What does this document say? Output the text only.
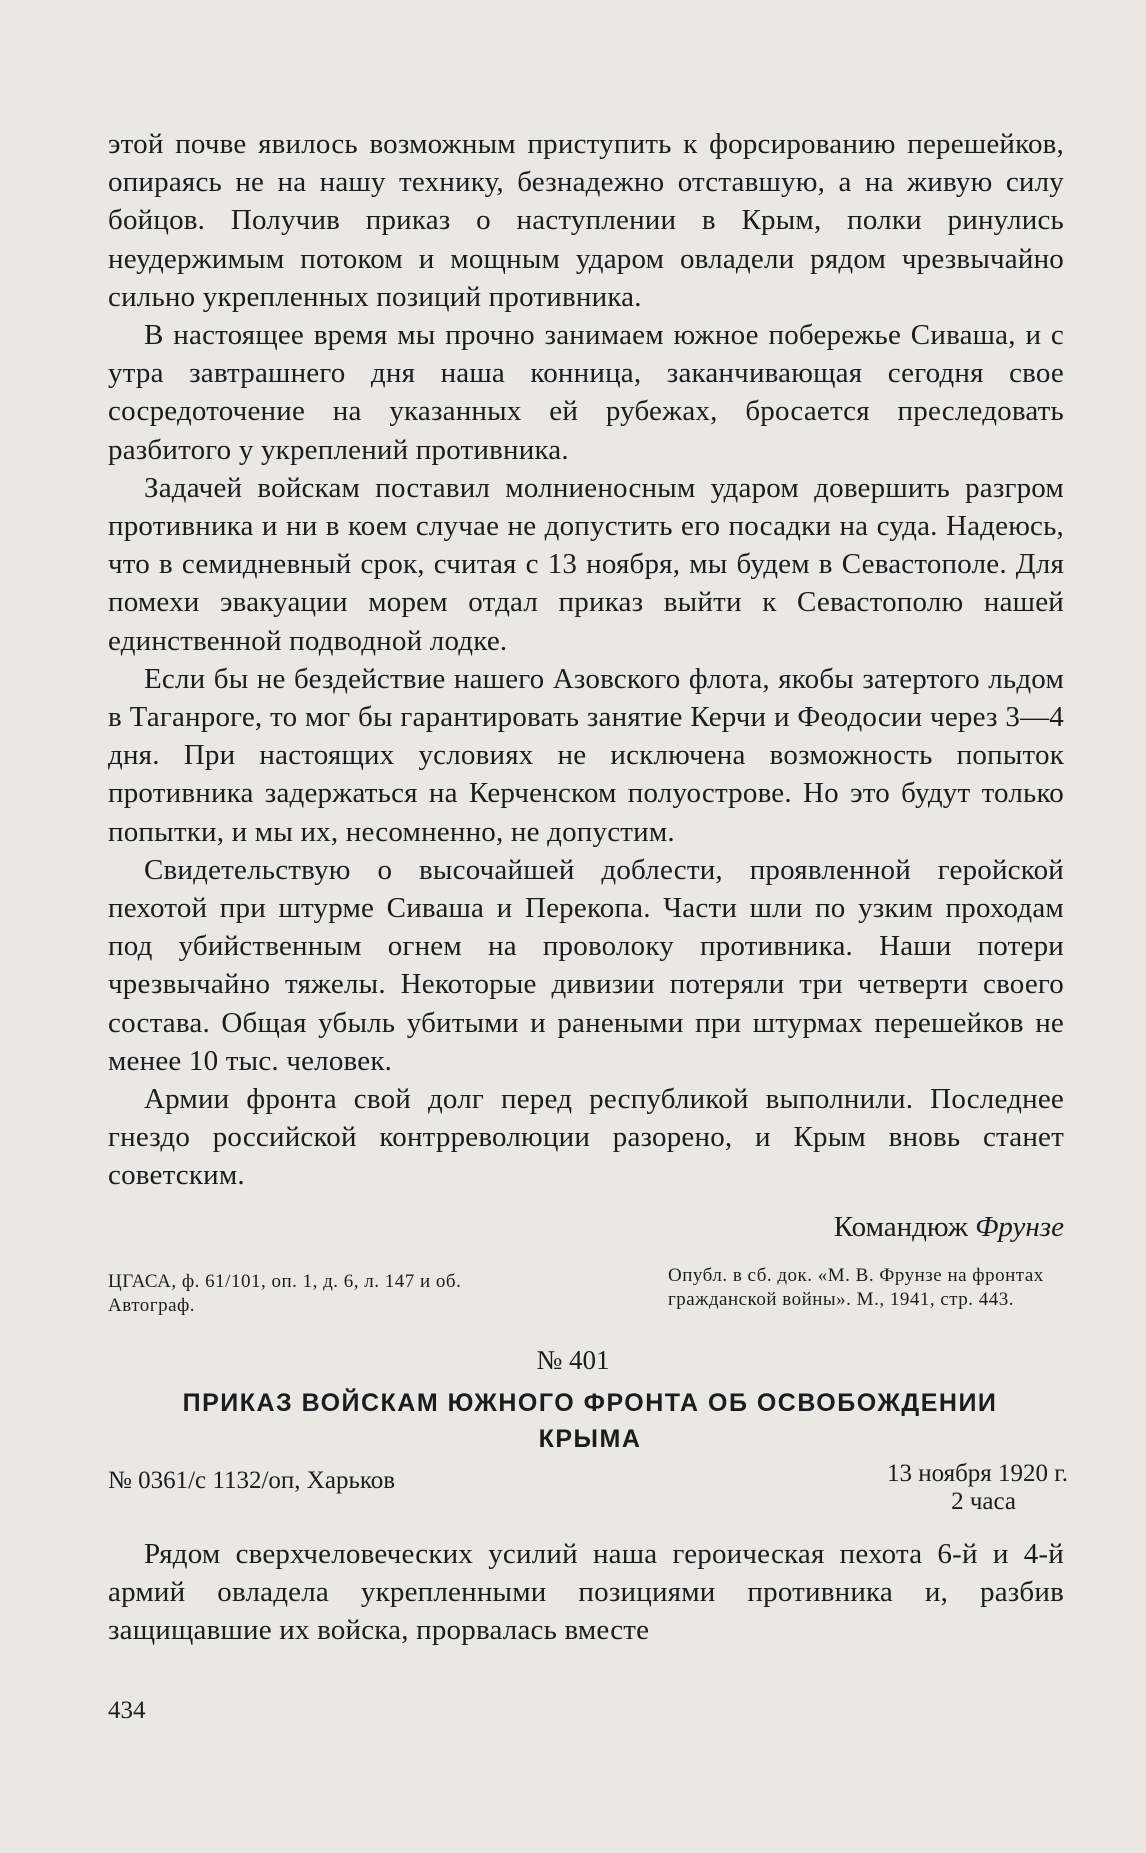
этой почве явилось возможным приступить к форсированию перешейков, опираясь не на нашу технику, безнадежно отставшую, а на живую силу бойцов. Получив приказ о наступлении в Крым, полки ринулись неудержимым потоком и мощным ударом овладели рядом чрезвычайно сильно укрепленных позиций противника.

В настоящее время мы прочно занимаем южное побережье Сиваша, и с утра завтрашнего дня наша конница, заканчивающая сегодня свое сосредоточение на указанных ей рубежах, бросается преследовать разбитого у укреплений противника.

Задачей войскам поставил молниеносным ударом довершить разгром противника и ни в коем случае не допустить его посадки на суда. Надеюсь, что в семидневный срок, считая с 13 ноября, мы будем в Севастополе. Для помехи эвакуации морем отдал приказ выйти к Севастополю нашей единственной подводной лодке.

Если бы не бездействие нашего Азовского флота, якобы затертого льдом в Таганроге, то мог бы гарантировать занятие Керчи и Феодосии через 3—4 дня. При настоящих условиях не исключена возможность попыток противника задержаться на Керченском полуострове. Но это будут только попытки, и мы их, несомненно, не допустим.

Свидетельствую о высочайшей доблести, проявленной геройской пехотой при штурме Сиваша и Перекопа. Части шли по узким проходам под убийственным огнем на проволоку противника. Наши потери чрезвычайно тяжелы. Некоторые дивизии потеряли три четверти своего состава. Общая убыль убитыми и ранеными при штурмах перешейков не менее 10 тыс. человек.

Армии фронта свой долг перед республикой выполнили. Последнее гнездо российской контрреволюции разорено, и Крым вновь станет советским.

Командюж Фрунзе
ЦГАСА, ф. 61/101, оп. 1, д. 6, л. 147 и об. Автограф.
Опубл. в сб. док. «М. В. Фрунзе на фронтах гражданской войны». М., 1941, стр. 443.
№ 401
ПРИКАЗ ВОЙСКАМ ЮЖНОГО ФРОНТА ОБ ОСВОБОЖДЕНИИ КРЫМА
№ 0361/с 1132/оп, Харьков	13 ноября 1920 г.
2 часа

Рядом сверхчеловеческих усилий наша героическая пехота 6-й и 4-й армий овладела укрепленными позициями противника и, разбив защищавшие их войска, прорвалась вместе

434
